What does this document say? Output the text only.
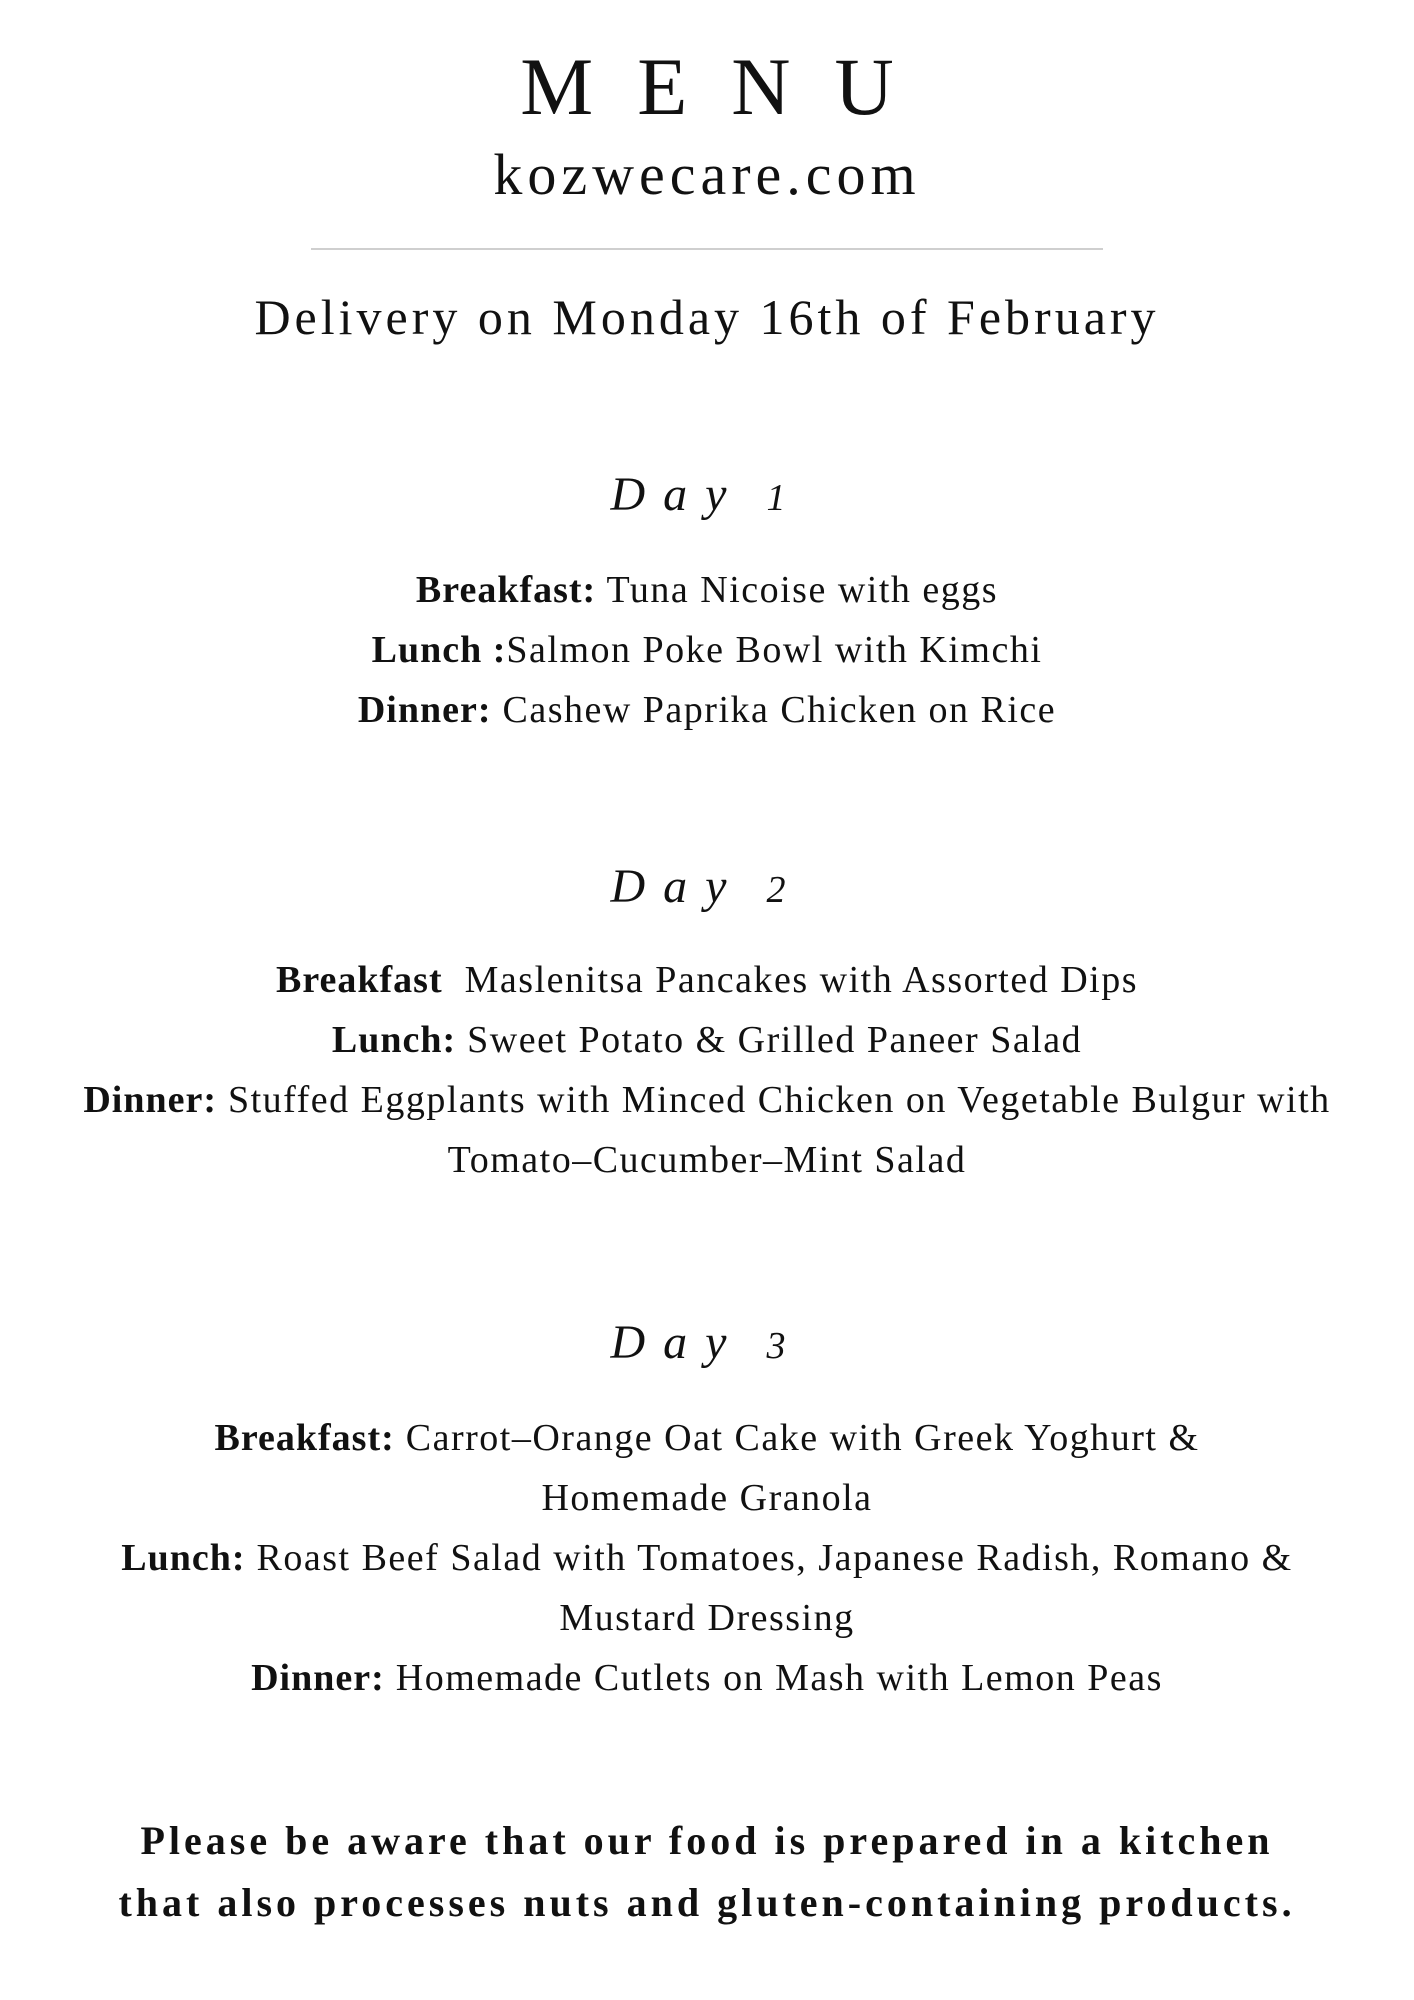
MENU
kozwecare.com
Delivery on Monday 16th of February
Day 1
Breakfast: Tuna Nicoise with eggs
Lunch :Salmon Poke Bowl with Kimchi
Dinner: Cashew Paprika Chicken on Rice
Day 2
Breakfast  Maslenitsa Pancakes with Assorted Dips
Lunch: Sweet Potato & Grilled Paneer Salad
Dinner: Stuffed Eggplants with Minced Chicken on Vegetable Bulgur with Tomato–Cucumber–Mint Salad
Day 3
Breakfast: Carrot–Orange Oat Cake with Greek Yoghurt & Homemade Granola
Lunch: Roast Beef Salad with Tomatoes, Japanese Radish, Romano & Mustard Dressing
Dinner: Homemade Cutlets on Mash with Lemon Peas
Please be aware that our food is prepared in a kitchen
that also processes nuts and gluten-containing products.
